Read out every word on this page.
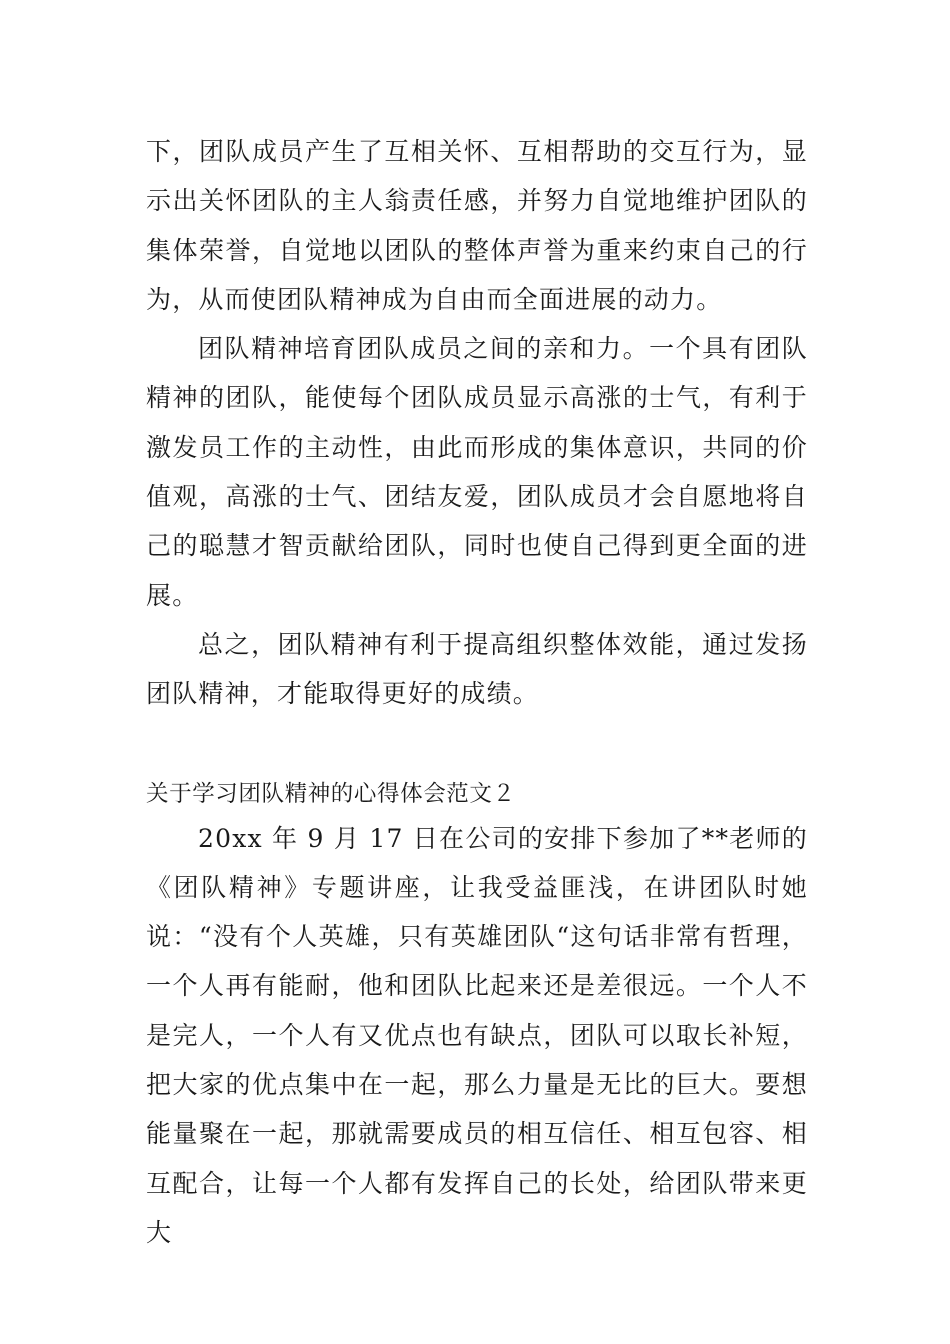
下，团队成员产生了互相关怀、互相帮助的交互行为，显示出关怀团队的主人翁责任感，并努力自觉地维护团队的集体荣誉，自觉地以团队的整体声誉为重来约束自己的行为，从而使团队精神成为自由而全面进展的动力。

团队精神培育团队成员之间的亲和力。一个具有团队精神的团队，能使每个团队成员显示高涨的士气，有利于激发员工作的主动性，由此而形成的集体意识，共同的价值观，高涨的士气、团结友爱，团队成员才会自愿地将自己的聪慧才智贡献给团队，同时也使自己得到更全面的进展。

总之，团队精神有利于提高组织整体效能，通过发扬团队精神，才能取得更好的成绩。

关于学习团队精神的心得体会范文２

20xx 年 9 月 17 日在公司的安排下参加了**老师的《团队精神》专题讲座，让我受益匪浅，在讲团队时她说：“没有个人英雄，只有英雄团队“这句话非常有哲理，一个人再有能耐，他和团队比起来还是差很远。一个人不是完人，一个人有又优点也有缺点，团队可以取长补短，把大家的优点集中在一起，那么力量是无比的巨大。要想能量聚在一起，那就需要成员的相互信任、相互包容、相互配合，让每一个人都有发挥自己的长处，给团队带来更大
